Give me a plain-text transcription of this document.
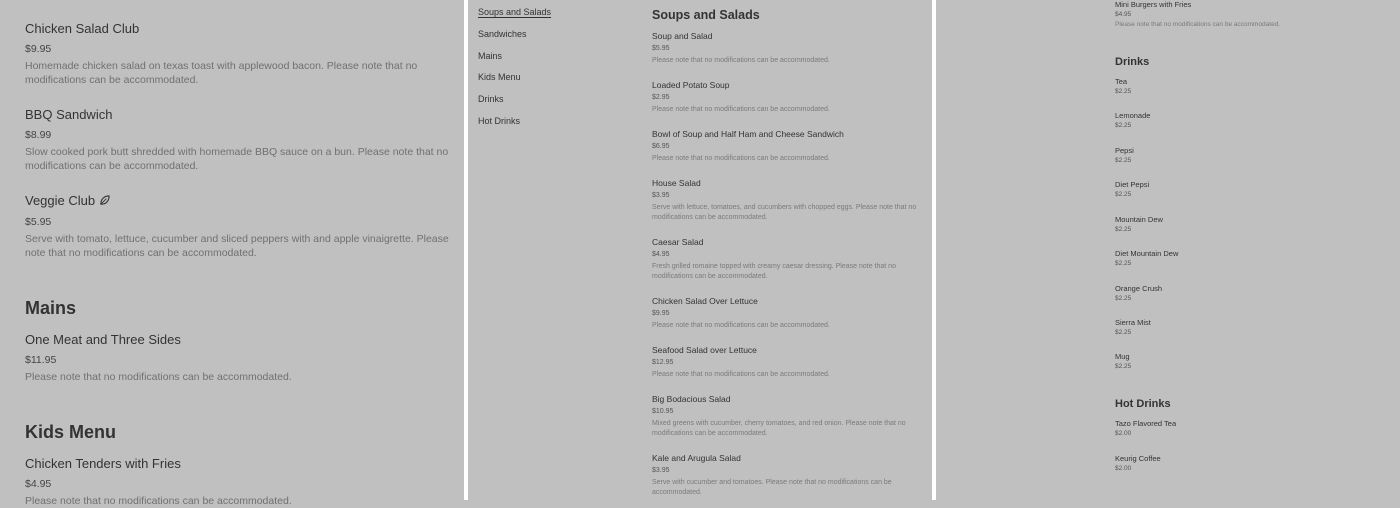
Chicken Salad Club
$9.95
Homemade chicken salad on texas toast with applewood bacon. Please note that no modifications can be accommodated.
BBQ Sandwich
$8.99
Slow cooked pork butt shredded with homemade BBQ sauce on a bun. Please note that no modifications can be accommodated.
Veggie Club
$5.95
Serve with tomato, lettuce, cucumber and sliced peppers with and apple vinaigrette. Please note that no modifications can be accommodated.
Mains
One Meat and Three Sides
$11.95
Please note that no modifications can be accommodated.
Kids Menu
Chicken Tenders with Fries
$4.95
Please note that no modifications can be accommodated.
Soups and Salads
Sandwiches
Mains
Kids Menu
Drinks
Hot Drinks
Soups and Salads
Soup and Salad
$5.95
Please note that no modifications can be accommodated.
Loaded Potato Soup
$2.95
Please note that no modifications can be accommodated.
Bowl of Soup and Half Ham and Cheese Sandwich
$6.95
Please note that no modifications can be accommodated.
House Salad
$3.95
Serve with lettuce, tomatoes, and cucumbers with chopped eggs. Please note that no modifications can be accommodated.
Caesar Salad
$4.95
Fresh grilled romaine topped with creamy caesar dressing. Please note that no modifications can be accommodated.
Chicken Salad Over Lettuce
$9.95
Please note that no modifications can be accommodated.
Seafood Salad over Lettuce
$12.95
Please note that no modifications can be accommodated.
Big Bodacious Salad
$10.95
Mixed greens with cucumber, cherry tomatoes, and red onion. Please note that no modifications can be accommodated.
Kale and Arugula Salad
$3.95
Serve with cucumber and tomatoes. Please note that no modifications can be accommodated.
Mini Burgers with Fries
$4.95
Please note that no modifications can be accommodated.
Drinks
Tea
$2.25
Lemonade
$2.25
Pepsi
$2.25
Diet Pepsi
$2.25
Mountain Dew
$2.25
Diet Mountain Dew
$2.25
Orange Crush
$2.25
Sierra Mist
$2.25
Mug
$2.25
Hot Drinks
Tazo Flavored Tea
$2.00
Keurig Coffee
$2.00
